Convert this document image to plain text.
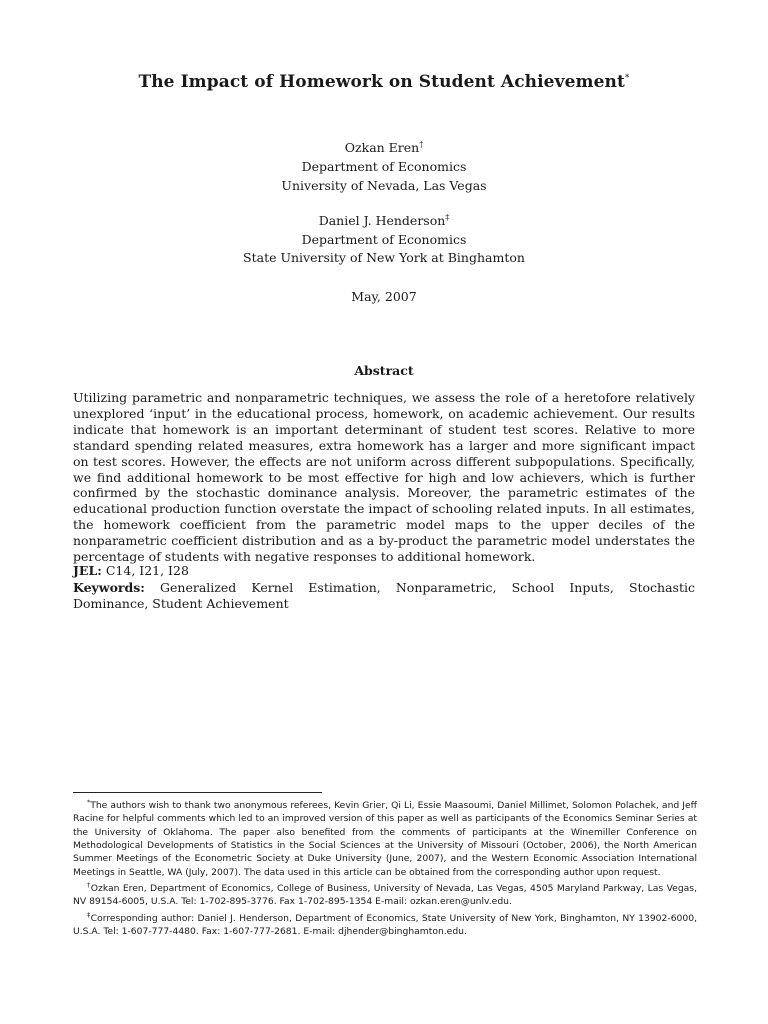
The Impact of Homework on Student Achievement*
Ozkan Eren†
Department of Economics
University of Nevada, Las Vegas
Daniel J. Henderson‡
Department of Economics
State University of New York at Binghamton
May, 2007
Abstract
Utilizing parametric and nonparametric techniques, we assess the role of a heretofore relatively unexplored ‘input’ in the educational process, homework, on academic achievement. Our results indicate that homework is an important determinant of student test scores. Relative to more standard spending related measures, extra homework has a larger and more significant impact on test scores. However, the effects are not uniform across different subpopulations. Specifically, we find additional homework to be most effective for high and low achievers, which is further confirmed by the stochastic dominance analysis. Moreover, the parametric estimates of the educational production function overstate the impact of schooling related inputs. In all estimates, the homework coefficient from the parametric model maps to the upper deciles of the nonparametric coefficient distribution and as a by-product the parametric model understates the percentage of students with negative responses to additional homework.
JEL: C14, I21, I28
Keywords: Generalized Kernel Estimation, Nonparametric, School Inputs, Stochastic Dominance, Student Achievement

*The authors wish to thank two anonymous referees, Kevin Grier, Qi Li, Essie Maasoumi, Daniel Millimet, Solomon Polachek, and Jeff Racine for helpful comments which led to an improved version of this paper as well as participants of the Economics Seminar Series at the University of Oklahoma. The paper also benefited from the comments of participants at the Winemiller Conference on Methodological Developments of Statistics in the Social Sciences at the University of Missouri (October, 2006), the North American Summer Meetings of the Econometric Society at Duke University (June, 2007), and the Western Economic Association International Meetings in Seattle, WA (July, 2007). The data used in this article can be obtained from the corresponding author upon request.

†Ozkan Eren, Department of Economics, College of Business, University of Nevada, Las Vegas, 4505 Maryland Parkway, Las Vegas, NV 89154-6005, U.S.A. Tel: 1-702-895-3776. Fax 1-702-895-1354 E-mail: ozkan.eren@unlv.edu.

‡Corresponding author: Daniel J. Henderson, Department of Economics, State University of New York, Binghamton, NY 13902-6000, U.S.A. Tel: 1-607-777-4480. Fax: 1-607-777-2681. E-mail: djhender@binghamton.edu.
